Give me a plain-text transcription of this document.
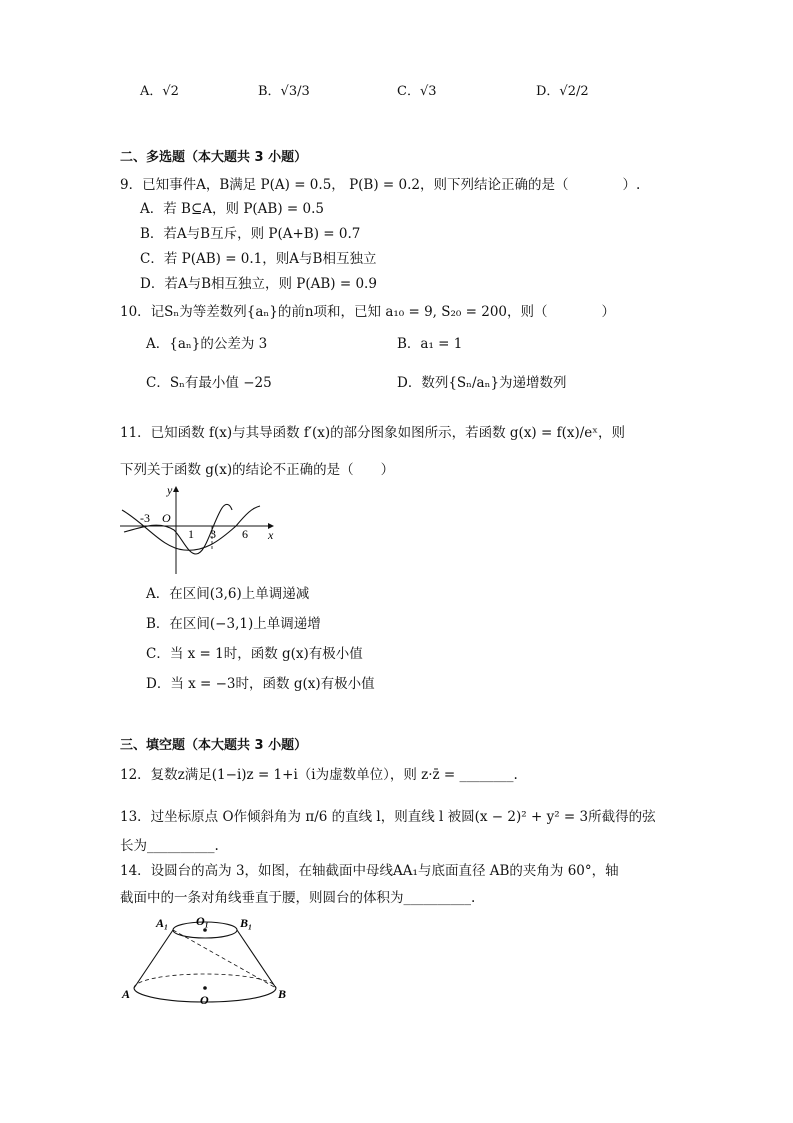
A．√2	B．√3/3	C．√3	D．√2/2
二、多选题（本大题共 3 小题）
9．已知事件A，B满足 P(A) = 0.5， P(B) = 0.2，则下列结论正确的是（　　　　）.
A．若 B⊆A，则 P(AB) = 0.5
B．若A与B互斥，则 P(A+B) = 0.7
C．若 P(AB) = 0.1，则A与B相互独立
D．若A与B相互独立，则 P(AB) = 0.9
10．记Sₙ为等差数列{aₙ}的前n项和，已知 a₁₀ = 9, S₂₀ = 200，则（　　　　）
A．{aₙ}的公差为 3	B．a₁ = 1
C．Sₙ有最小值 −25	D．数列{Sₙ/aₙ}为递增数列
11．已知函数 f(x)与其导函数 f′(x)的部分图象如图所示，若函数 g(x) = f(x)/eˣ，则
下列关于函数 g(x)的结论不正确的是（　　）
y
x
O
-3
1 3 6
A．在区间(3,6)上单调递减
B．在区间(−3,1)上单调递增
C．当 x = 1时，函数 g(x)有极小值
D．当 x = −3时，函数 g(x)有极小值
三、填空题（本大题共 3 小题）
12．复数z满足(1−i)z = 1+i（i为虚数单位），则 z·z̄ = ________.
13．过坐标原点 O作倾斜角为 π/6 的直线 l，则直线 l 被圆(x − 2)² + y² = 3所截得的弦
长为__________.
14．设圆台的高为 3，如图，在轴截面中母线AA₁与底面直径 AB的夹角为 60°，轴
截面中的一条对角线垂直于腰，则圆台的体积为__________.
A₁ O₁	B₁
A	O	B
